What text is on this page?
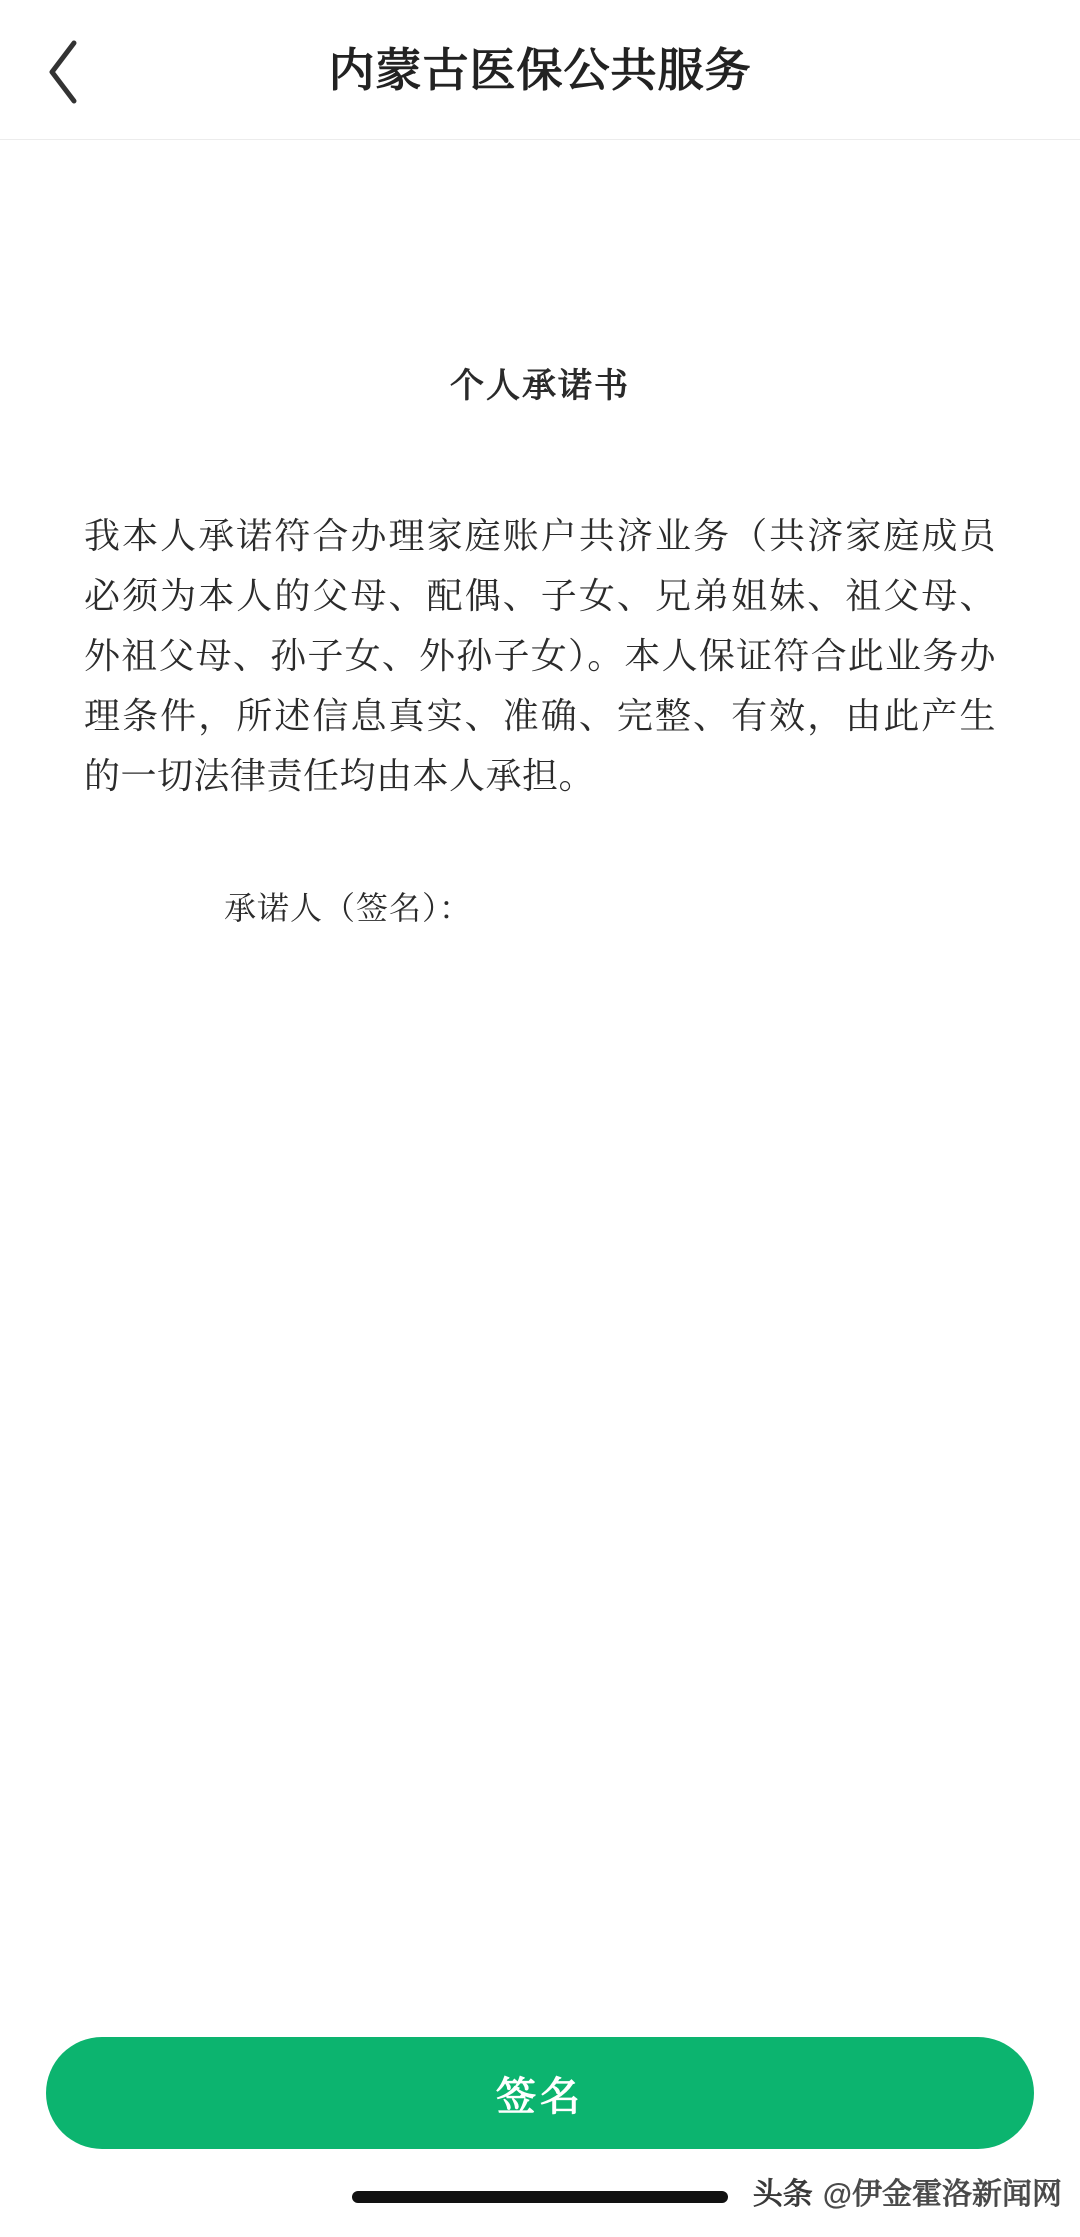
内蒙古医保公共服务
个人承诺书
我本人承诺符合办理家庭账户共济业务（共济家庭成员必须为本人的父母、配偶、子女、兄弟姐妹、祖父母、外祖父母、孙子女、外孙子女）。本人保证符合此业务办理条件，所述信息真实、准确、完整、有效，由此产生的一切法律责任均由本人承担。
承诺人（签名）：
签名
头条 @伊金霍洛新闻网
